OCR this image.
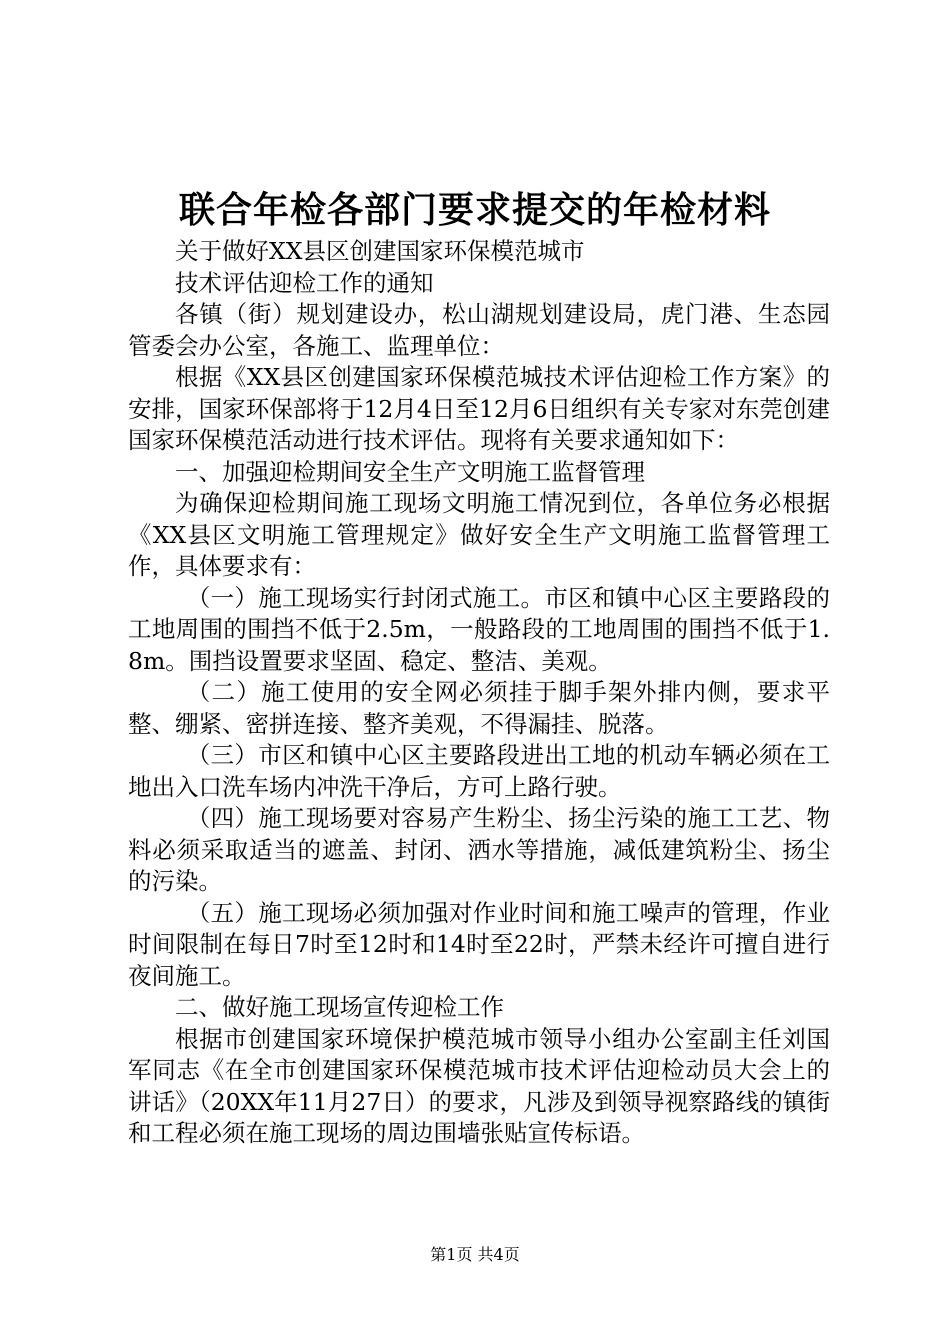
联合年检各部门要求提交的年检材料

关于做好XX县区创建国家环保模范城市

技术评估迎检工作的通知

各镇（街）规划建设办，松山湖规划建设局，虎门港、生态园管委会办公室，各施工、监理单位：

根据《XX县区创建国家环保模范城技术评估迎检工作方案》的安排，国家环保部将于12月4日至12月6日组织有关专家对东莞创建国家环保模范活动进行技术评估。现将有关要求通知如下：

一、加强迎检期间安全生产文明施工监督管理

为确保迎检期间施工现场文明施工情况到位，各单位务必根据《XX县区文明施工管理规定》做好安全生产文明施工监督管理工作，具体要求有：

（一）施工现场实行封闭式施工。市区和镇中心区主要路段的工地周围的围挡不低于2.5m，一般路段的工地周围的围挡不低于1.8m。围挡设置要求坚固、稳定、整洁、美观。

（二）施工使用的安全网必须挂于脚手架外排内侧，要求平整、绷紧、密拼连接、整齐美观，不得漏挂、脱落。

（三）市区和镇中心区主要路段进出工地的机动车辆必须在工地出入口洗车场内冲洗干净后，方可上路行驶。

（四）施工现场要对容易产生粉尘、扬尘污染的施工工艺、物料必须采取适当的遮盖、封闭、洒水等措施，减低建筑粉尘、扬尘的污染。

（五）施工现场必须加强对作业时间和施工噪声的管理，作业时间限制在每日7时至12时和14时至22时，严禁未经许可擅自进行夜间施工。

二、做好施工现场宣传迎检工作

根据市创建国家环境保护模范城市领导小组办公室副主任刘国军同志《在全市创建国家环保模范城市技术评估迎检动员大会上的讲话》（20XX年11月27日）的要求，凡涉及到领导视察路线的镇街和工程必须在施工现场的周边围墙张贴宣传标语。

第1页 共4页
